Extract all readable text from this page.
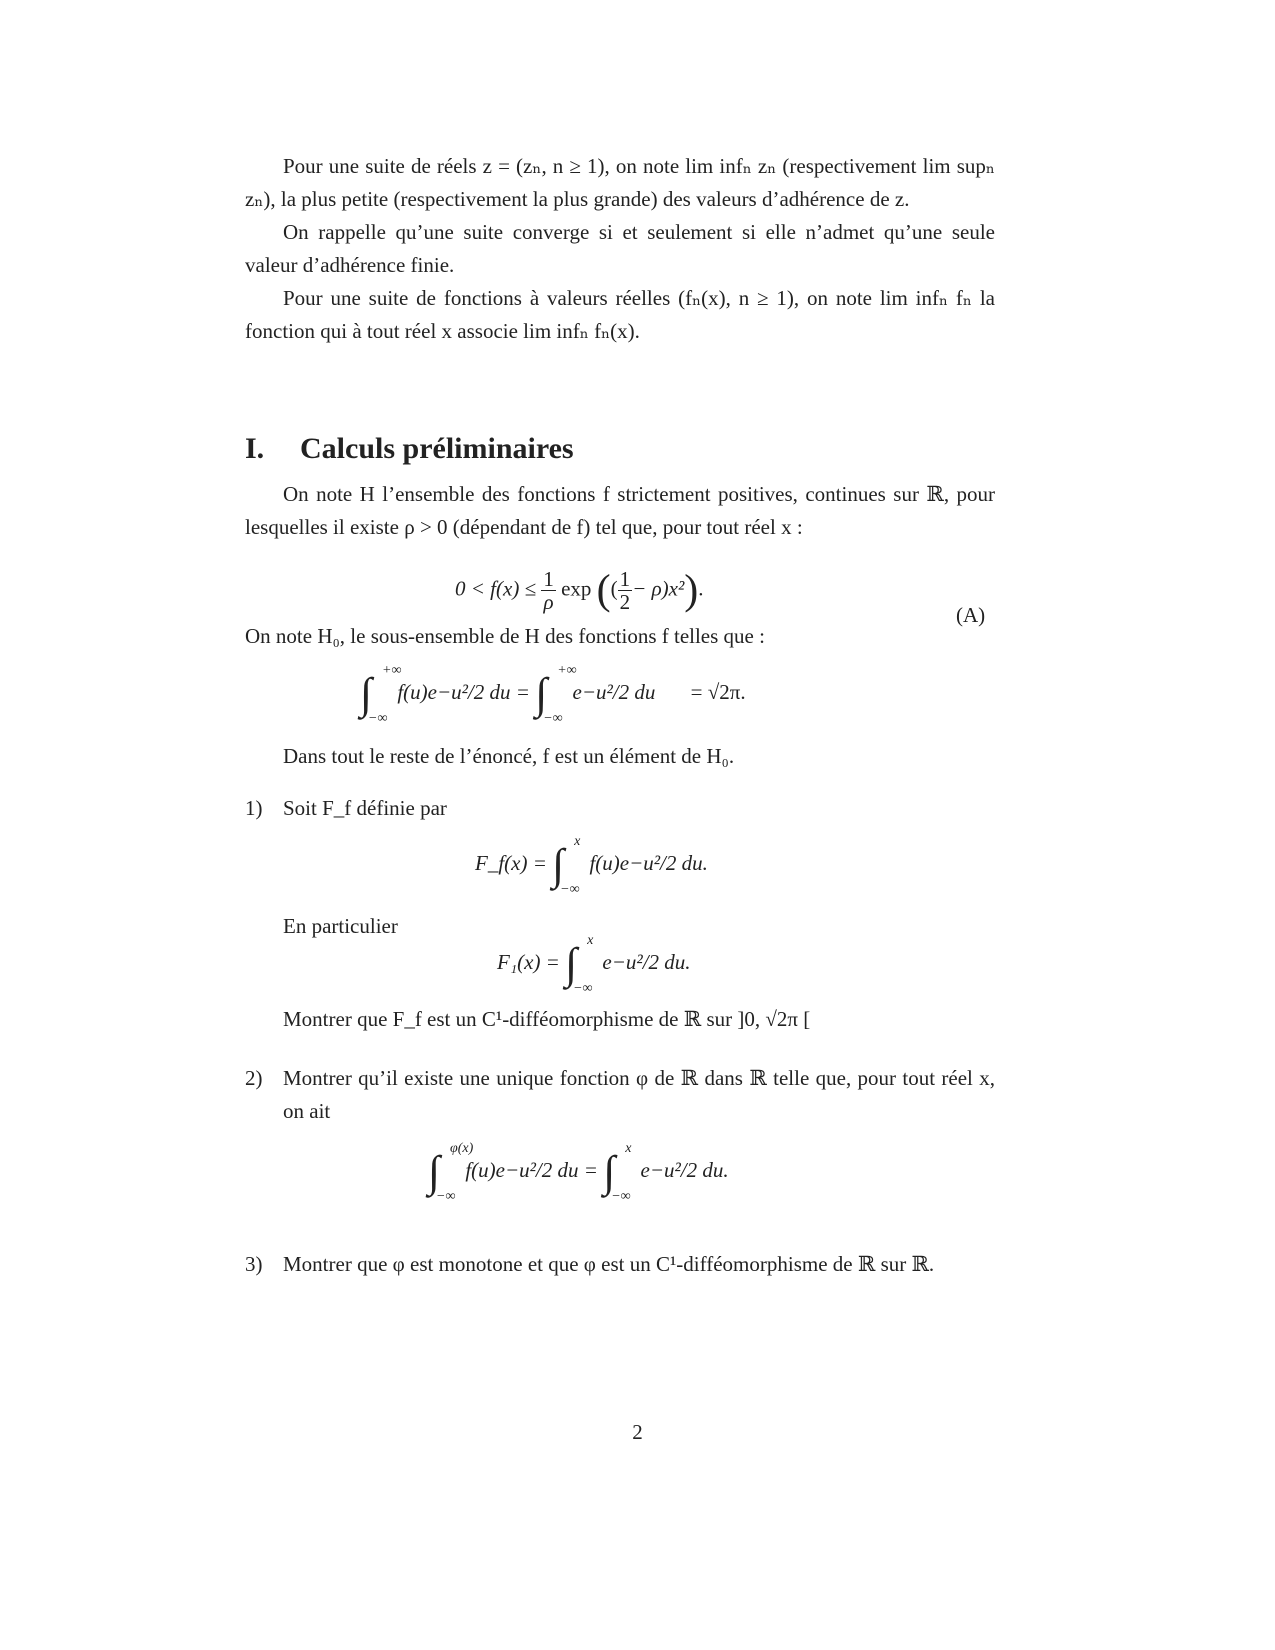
Pour une suite de réels z = (zₙ, n ≥ 1), on note lim infₙ zₙ (respectivement lim supₙ zₙ), la plus petite (respectivement la plus grande) des valeurs d’adhérence de z.

On rappelle qu’une suite converge si et seulement si elle n’admet qu’une seule valeur d’adhérence finie.

Pour une suite de fonctions à valeurs réelles (fₙ(x), n ≥ 1), on note lim infₙ fₙ la fonction qui à tout réel x associe lim infₙ fₙ(x).

I. Calculs préliminaires

On note H l’ensemble des fonctions f strictement positives, continues sur ℝ, pour lesquelles il existe ρ > 0 (dépendant de f) tel que, pour tout réel x :

$0 < f(x) \le \frac{1}{\rho}$ exp (( $\frac{1}{2} - \rho)x^2$).
(A)

On note H₀, le sous-ensemble de H des fonctions f telles que :

∫ +∞
−∞
f(u)e−u²/2 du = ∫ +∞
−∞
e−u²/2 du = √2π.

Dans tout le reste de l’énoncé, f est un élément de H₀.

1) Soit F_f définie par
F_f(x) = ∫ x
−∞
f(u)e−u²/2 du.
En particulier
F₁(x) = ∫ x
−∞
e−u²/2 du.
Montrer que F_f est un C¹-difféomorphisme de ℝ sur ]0, √2π [
2) Montrer qu’il existe une unique fonction φ de ℝ dans ℝ telle que, pour tout réel x, on ait
∫ φ(x)
−∞
f(u)e−u²/2 du = ∫ x
−∞
e−u²/2 du.
3) Montrer que φ est monotone et que φ est un C¹-difféomorphisme de ℝ sur ℝ.
2
